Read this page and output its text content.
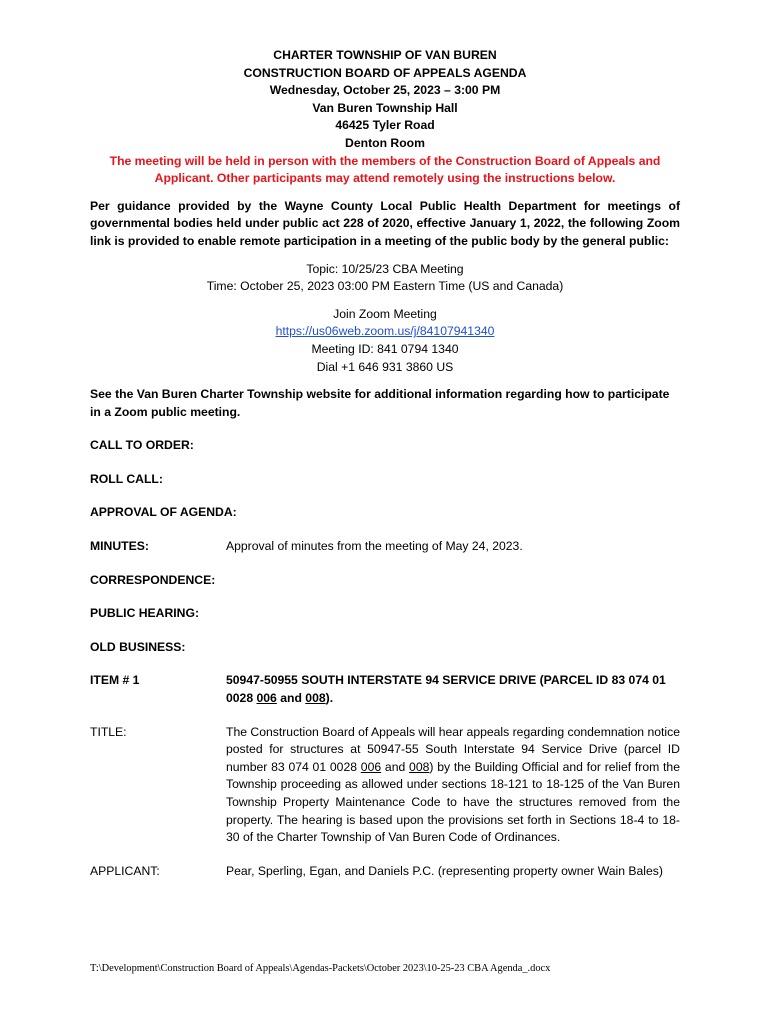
CHARTER TOWNSHIP OF VAN BUREN
CONSTRUCTION BOARD OF APPEALS AGENDA
Wednesday, October 25, 2023 – 3:00 PM
Van Buren Township Hall
46425 Tyler Road
Denton Room
The meeting will be held in person with the members of the Construction Board of Appeals and Applicant. Other participants may attend remotely using the instructions below.
Per guidance provided by the Wayne County Local Public Health Department for meetings of governmental bodies held under public act 228 of 2020, effective January 1, 2022, the following Zoom link is provided to enable remote participation in a meeting of the public body by the general public:
Topic: 10/25/23 CBA Meeting
Time: October 25, 2023 03:00 PM Eastern Time (US and Canada)
Join Zoom Meeting
https://us06web.zoom.us/j/84107941340
Meeting ID: 841 0794 1340
Dial +1 646 931 3860 US
See the Van Buren Charter Township website for additional information regarding how to participate in a Zoom public meeting.
CALL TO ORDER:
ROLL CALL:
APPROVAL OF AGENDA:
MINUTES:	Approval of minutes from the meeting of May 24, 2023.
CORRESPONDENCE:
PUBLIC HEARING:
OLD BUSINESS:
ITEM # 1	50947-50955 SOUTH INTERSTATE 94 SERVICE DRIVE (PARCEL ID 83 074 01 0028 006 and 008).
TITLE:	The Construction Board of Appeals will hear appeals regarding condemnation notice posted for structures at 50947-55 South Interstate 94 Service Drive (parcel ID number 83 074 01 0028 006 and 008) by the Building Official and for relief from the Township proceeding as allowed under sections 18-121 to 18-125 of the Van Buren Township Property Maintenance Code to have the structures removed from the property. The hearing is based upon the provisions set forth in Sections 18-4 to 18-30 of the Charter Township of Van Buren Code of Ordinances.
APPLICANT:	Pear, Sperling, Egan, and Daniels P.C. (representing property owner Wain Bales)
T:\Development\Construction Board of Appeals\Agendas-Packets\October 2023\10-25-23 CBA Agenda_.docx
